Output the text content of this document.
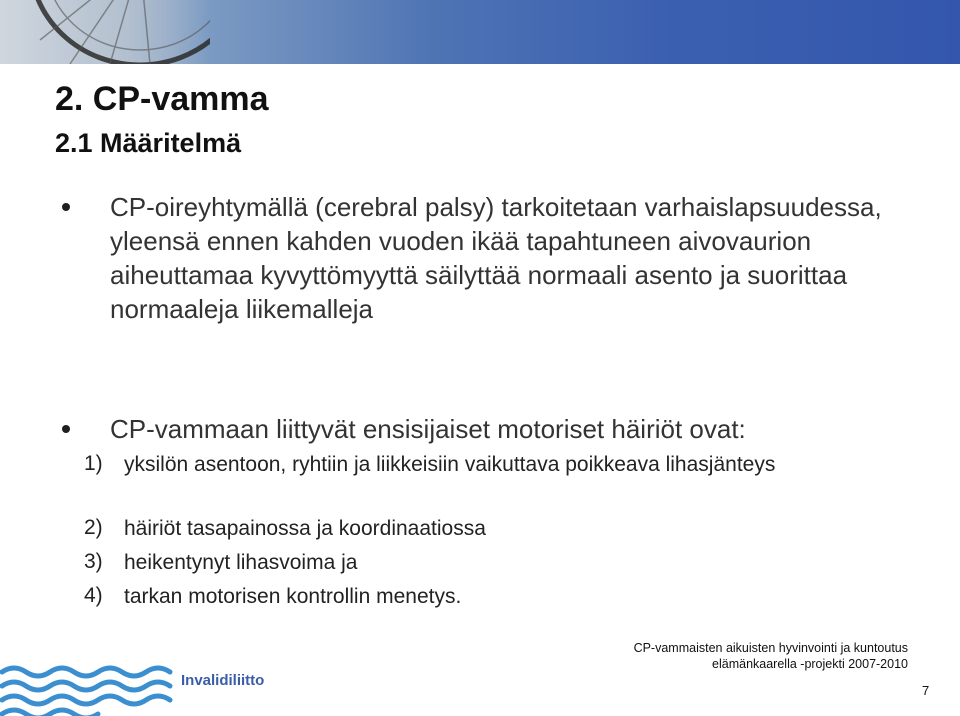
2. CP-vamma
2.1 Määritelmä

CP-oireyhtymällä (cerebral palsy) tarkoitetaan varhaislapsuudessa, yleensä ennen kahden vuoden ikää tapahtuneen aivovaurion aiheuttamaa kyvyttömyyttä säilyttää normaali asento ja suorittaa normaaleja liikemalleja

CP-vammaan liittyvät ensisijaiset motoriset häiriöt ovat:

1) yksilön asentoon, ryhtiin ja liikkeisiin vaikuttava poikkeava lihasjänteys
2) häiriöt tasapainossa ja koordinaatiossa
3) heikentynyt lihasvoima ja
4) tarkan motorisen kontrollin menetys.
CP-vammaisten aikuisten hyvinvointi ja kuntoutus
elämänkaarella -projekti 2007-2010
Invalidiliitto
7
